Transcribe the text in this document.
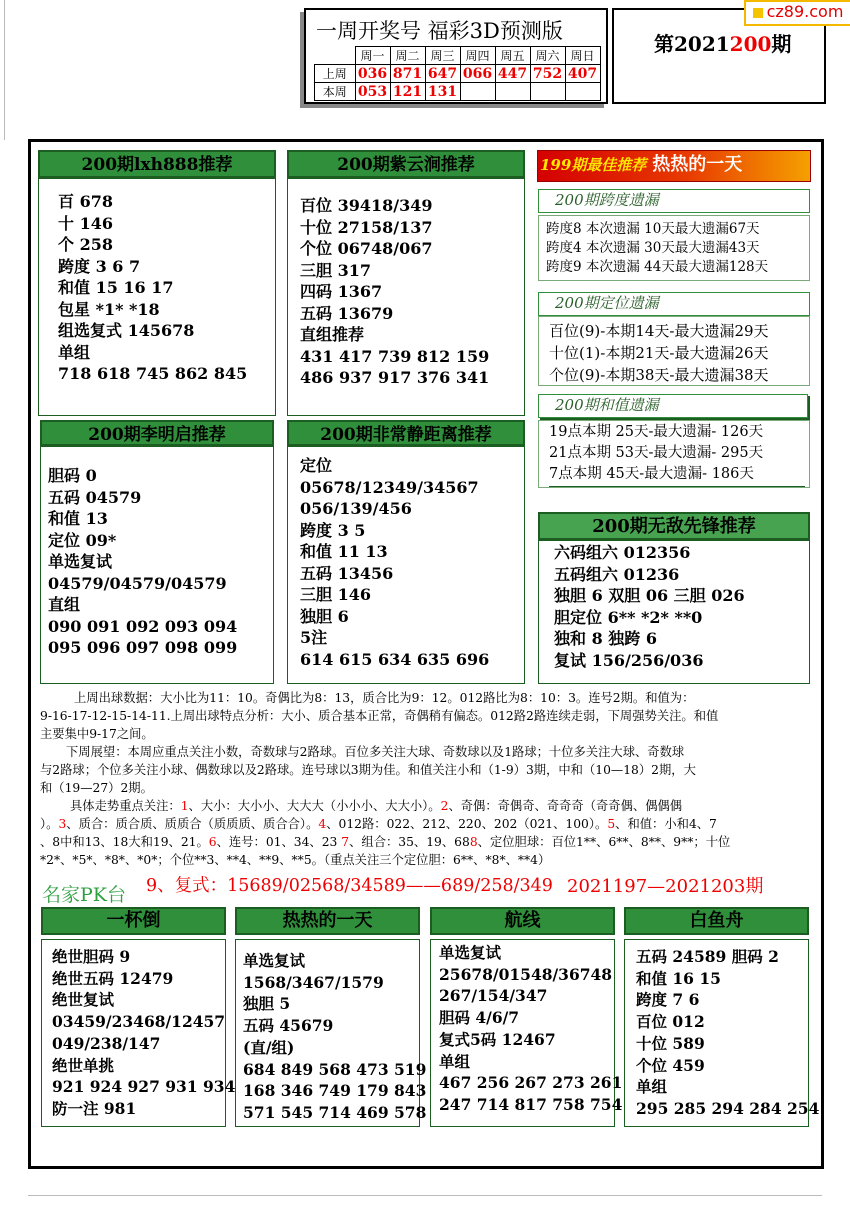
一周开奖号 福彩3D预测版
	周一	周二	周三	周四	周五	周六	周日
上周	036	871	647	066	447	752	407
本周	053	121	131				
第2021200期
cz89.com
200期lxh888推荐
百 678
十 146
个 258
跨度 3 6 7
和值 15 16 17
包星 *1* *18
组选复式 145678
单组
718 618 745 862 845
200期紫云涧推荐
百位 39418/349
十位 27158/137
个位 06748/067
三胆 317
四码 1367
五码 13679
直组推荐
431 417 739 812 159
486 937 917 376 341
199期最佳推荐 热热的一天
200期跨度遗漏
跨度8 本次遗漏 10天最大遗漏67天
跨度4 本次遗漏 30天最大遗漏43天
跨度9 本次遗漏 44天最大遗漏128天
200期定位遗漏
百位(9)-本期14天-最大遗漏29天
十位(1)-本期21天-最大遗漏26天
个位(9)-本期38天-最大遗漏38天
200期和值遗漏
19点本期 25天-最大遗漏- 126天
21点本期 53天-最大遗漏- 295天
7点本期 45天-最大遗漏- 186天
200期李明启推荐
胆码 0
五码 04579
和值 13
定位 09*
单选复试
04579/04579/04579
直组
090 091 092 093 094
095 096 097 098 099
200期非常静距离推荐
定位
05678/12349/34567
056/139/456
跨度 3 5
和值 11 13
五码 13456
三胆 146
独胆 6
5注
614 615 634 635 696
200期无敌先锋推荐
六码组六 012356
五码组六 01236
独胆 6 双胆 06 三胆 026
胆定位 6** *2* **0
独和 8 独跨 6
复试 156/256/036
上周出球数据：大小比为11：10。奇偶比为8：13，质合比为9：12。012路比为8：10：3。连号2期。和值为：
9-16-17-12-15-14-11.上周出球特点分析：大小、质合基本正常，奇偶稍有偏态。012路2路连续走弱，下周强势关注。和值
主要集中9-17之间。
下周展望：本周应重点关注小数，奇数球与2路球。百位多关注大球、奇数球以及1路球；十位多关注大球、奇数球
与2路球；个位多关注小球、偶数球以及2路球。连号球以3期为佳。和值关注小和（1-9）3期，中和（10—18）2期，大
和（19—27）2期。
具体走势重点关注：1、大小：大小小、大大大（小小小、大大小）。2、奇偶：奇偶奇、奇奇奇（奇奇偶、偶偶偶
）。3、质合：质合质、质质合（质质质、质合合）。4、012路：022、212、220、202（021、100）。5、和值：小和4、7
、8中和13、18大和19、21。6、连号：01、34、23 7、组合：35、19、688、定位胆球：百位1**、6**、8**、9**；十位
*2*、*5*、*8*、*0*；个位**3、**4、**9、**5。（重点关注三个定位胆：6**、*8*、**4）
名家PK台 9、复式：15689/02568/34589——689/258/349 2021197—2021203期
一杯倒
绝世胆码 9
绝世五码 12479
绝世复试
03459/23468/12457
049/238/147
绝世单挑
921 924 927 931 934
防一注 981
热热的一天
单选复试
1568/3467/1579
独胆 5
五码 45679
(直/组)
684 849 568 473 519
168 346 749 179 843
571 545 714 469 578
航线
单选复试
25678/01548/36748
267/154/347
胆码 4/6/7
复式5码 12467
单组
467 256 267 273 261
247 714 817 758 754
白鱼舟
五码 24589 胆码 2
和值 16 15
跨度 7 6
百位 012
十位 589
个位 459
单组
295 285 294 284 254
